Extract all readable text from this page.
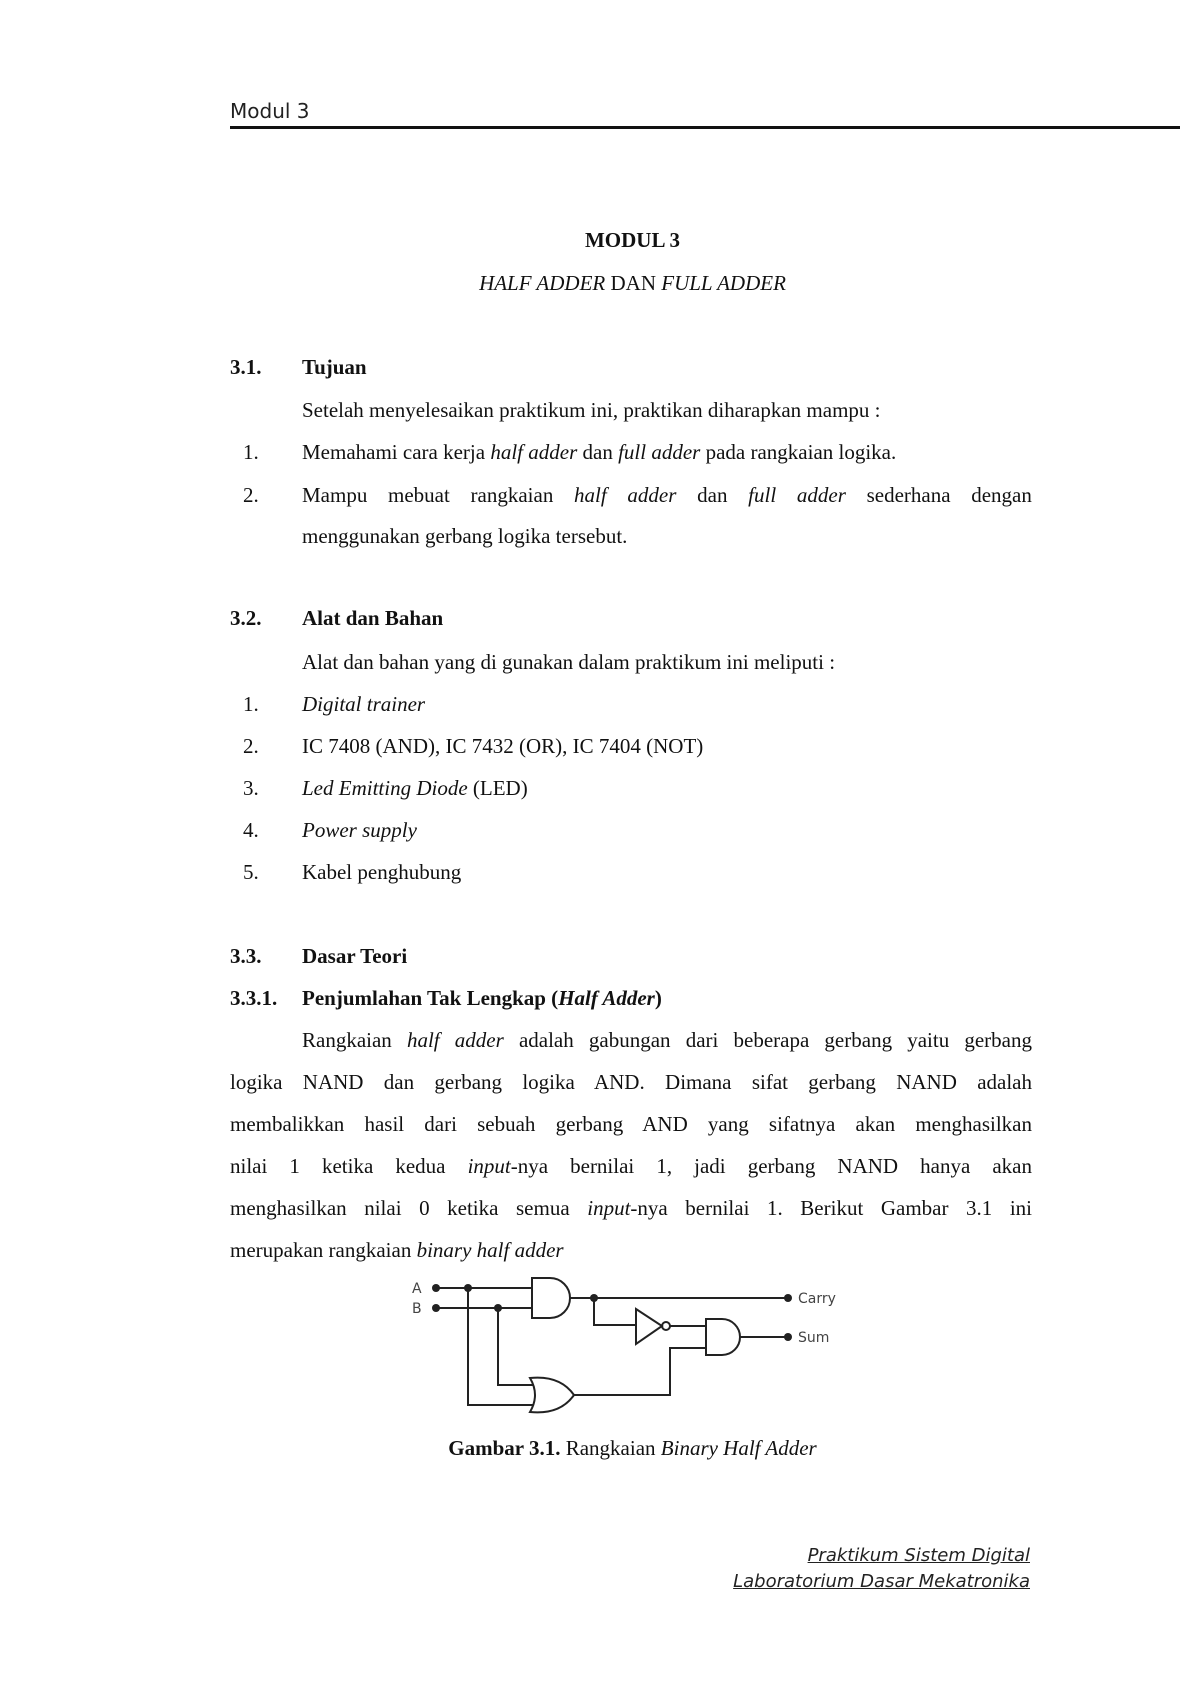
Modul 3
MODUL 3
HALF ADDER DAN FULL ADDER
3.1. Tujuan
Setelah menyelesaikan praktikum ini, praktikan diharapkan mampu :
1. Memahami cara kerja half adder dan full adder pada rangkaian logika.
2. Mampu mebuat rangkaian half adder dan full adder sederhana dengan
menggunakan gerbang logika tersebut.
3.2. Alat dan Bahan
Alat dan bahan yang di gunakan dalam praktikum ini meliputi :
1. Digital trainer
2. IC 7408 (AND), IC 7432 (OR), IC 7404 (NOT)
3. Led Emitting Diode (LED)
4. Power supply
5. Kabel penghubung
3.3. Dasar Teori
3.3.1. Penjumlahan Tak Lengkap (Half Adder)
Rangkaian half adder adalah gabungan dari beberapa gerbang yaitu gerbang
logika NAND dan gerbang logika AND. Dimana sifat gerbang NAND adalah
membalikkan hasil dari sebuah gerbang AND yang sifatnya akan menghasilkan
nilai 1 ketika kedua input-nya bernilai 1, jadi gerbang NAND hanya akan
menghasilkan nilai 0 ketika semua input-nya bernilai 1. Berikut Gambar 3.1 ini
merupakan rangkaian binary half adder
A
B
Carry
Sum
Gambar 3.1. Rangkaian Binary Half Adder
Praktikum Sistem Digital
Laboratorium Dasar Mekatronika
